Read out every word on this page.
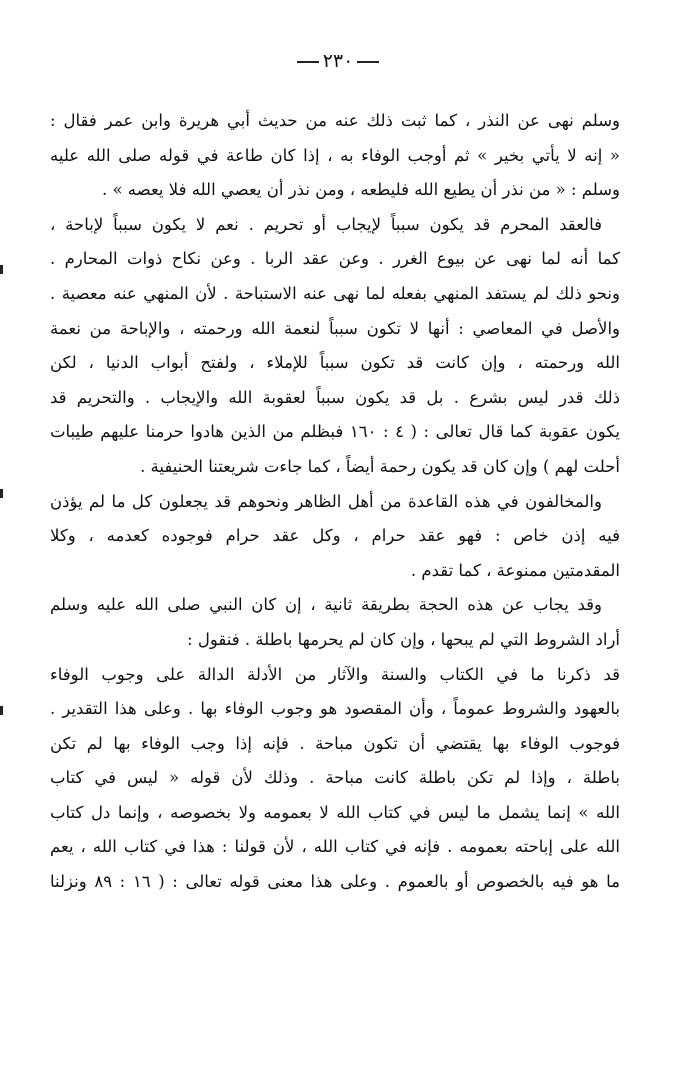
٢٣٠
وسلم نهى عن النذر ، كما ثبت ذلك عنه من حديث أبي هريرة وابن عمر فقال :
« إنه لا يأتي بخير » ثم أوجب الوفاء به ، إذا كان طاعة في قوله صلى الله عليه
وسلم : « من نذر أن يطيع الله فليطعه ، ومن نذر أن يعصي الله فلا يعصه » .
فالعقد المحرم قد يكون سبباً لإيجاب أو تحريم . نعم لا يكون سبباً لإباحة ،
كما أنه لما نهى عن بيوع الغرر . وعن عقد الربا . وعن نكاح ذوات المحارم .
ونحو ذلك لم يستفد المنهي بفعله لما نهى عنه الاستباحة . لأن المنهي عنه معصية .
والأصل في المعاصي : أنها لا تكون سبباً لنعمة الله ورحمته ، والإباحة من نعمة
الله ورحمته ، وإن كانت قد تكون سبباً للإملاء ، ولفتح أبواب الدنيا ، لكن
ذلك قدر ليس بشرع . بل قد يكون سبباً لعقوبة الله والإيجاب . والتحريم قد
يكون عقوبة كما قال تعالى : ( ٤ : ١٦٠ فبظلم من الذين هادوا حرمنا عليهم طيبات
أحلت لهم ) وإن كان قد يكون رحمة أيضاً ، كما جاءت شريعتنا الحنيفية .
والمخالفون في هذه القاعدة من أهل الظاهر ونحوهم قد يجعلون كل ما لم يؤذن
فيه إذن خاص : فهو عقد حرام ، وكل عقد حرام فوجوده كعدمه ، وكلا
المقدمتين ممنوعة ، كما تقدم .
وقد يجاب عن هذه الحجة بطريقة ثانية ، إن كان النبي صلى الله عليه وسلم
أراد الشروط التي لم يبحها ، وإن كان لم يحرمها باطلة . فنقول :
قد ذكرنا ما في الكتاب والسنة والآثار من الأدلة الدالة على وجوب الوفاء
بالعهود والشروط عموماً ، وأن المقصود هو وجوب الوفاء بها . وعلى هذا التقدير .
فوجوب الوفاء بها يقتضي أن تكون مباحة . فإنه إذا وجب الوفاء بها لم تكن
باطلة ، وإذا لم تكن باطلة كانت مباحة . وذلك لأن قوله « ليس في كتاب
الله » إنما يشمل ما ليس في كتاب الله لا بعمومه ولا بخصوصه ، وإنما دل كتاب
الله على إباحته بعمومه . فإنه في كتاب الله ، لأن قولنا : هذا في كتاب الله ، يعم
ما هو فيه بالخصوص أو بالعموم . وعلى هذا معنى قوله تعالى : ( ١٦ : ٨٩ ونزلنا
